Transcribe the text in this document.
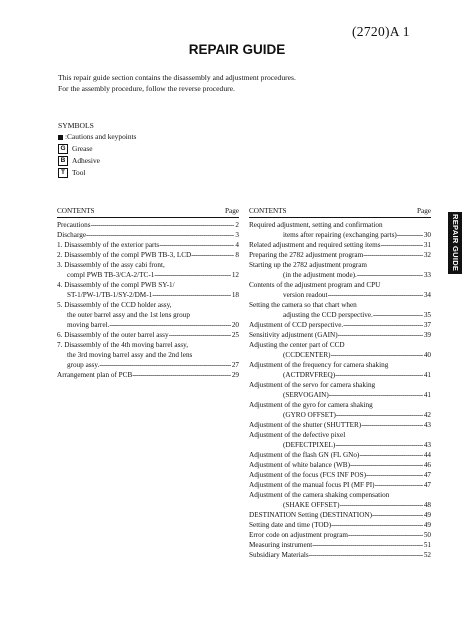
(2720)A 1
REPAIR GUIDE
This repair guide section contains the disassembly and adjustment procedures.
For the assembly procedure, follow the reverse procedure.
SYMBOLS
:Cautions and keypoints
G Grease
B Adhesive
T Tool
CONTENTS	Page
Precautions -----	2
Discharge -----	3
1. Disassembly of the exterior parts -----	4
2. Disassembly of the compl PWB TB-3, LCD -----	8
3. Disassembly of the assy cabi front,
compl PWB TB-3/CA-2/TC-1 -----	12
4. Disassembly of the compl PWB SY-1/
ST-1/PW-1/TB-1/SY-2/DM-1 -----	18
5. Disassembly of the CCD holder assy,
the outer barrel assy and the 1st lens group
moving barrel. -----	20
6. Disassembly of the outer barrel assy -----	25
7. Disassembly of the 4th moving barrel assy,
the 3rd moving barrel assy and the 2nd lens
group assy. -----	27
Arrangement plan of PCB -----	29
CONTENTS	Page
Required adjustment, setting and confirmation
items after repairing (exchanging parts) -----	30
Related adjustment and required setting items -----	31
Preparing the 2782 adjustment program -----	32
Starting up the 2782 adjustment program
(in the adjustment mode). -----	33
Contents of the adjustment program and CPU
version readout -----	34
Setting the camera so that chart when
adjusting the CCD perspective. -----	35
Adjustment of CCD perspective. -----	37
Sensitivity adjustment (GAIN) -----	39
Adjusting the center part of CCD
(CCDCENTER) -----	40
Adjustment of the frequency for camera shaking
(ACTDRVFREQ) -----	41
Adjustment of the servo for camera shaking
(SERVOGAIN) -----	41
Adjustment of the gyro for camera shaking
(GYRO OFFSET) -----	42
Adjustment of the shutter (SHUTTER) -----	43
Adjustment of the defective pixel
(DEFECTPIXEL) -----	43
Adjustment of the flash GN (FL GNo) -----	44
Adjustment of white balance (WB) -----	46
Adjustment of the focus (FCS INF POS) -----	47
Adjustment of the manual focus PI (MF PI) -----	47
Adjustment of the camera shaking compensation
(SHAKE OFFSET) -----	48
DESTINATION Setting (DESTINATION) -----	49
Setting date and time (TOD) -----	49
Error code on adjustment program -----	50
Measuring instrument -----	51
Subsidiary Materials -----	52
REPAIR GUIDE
